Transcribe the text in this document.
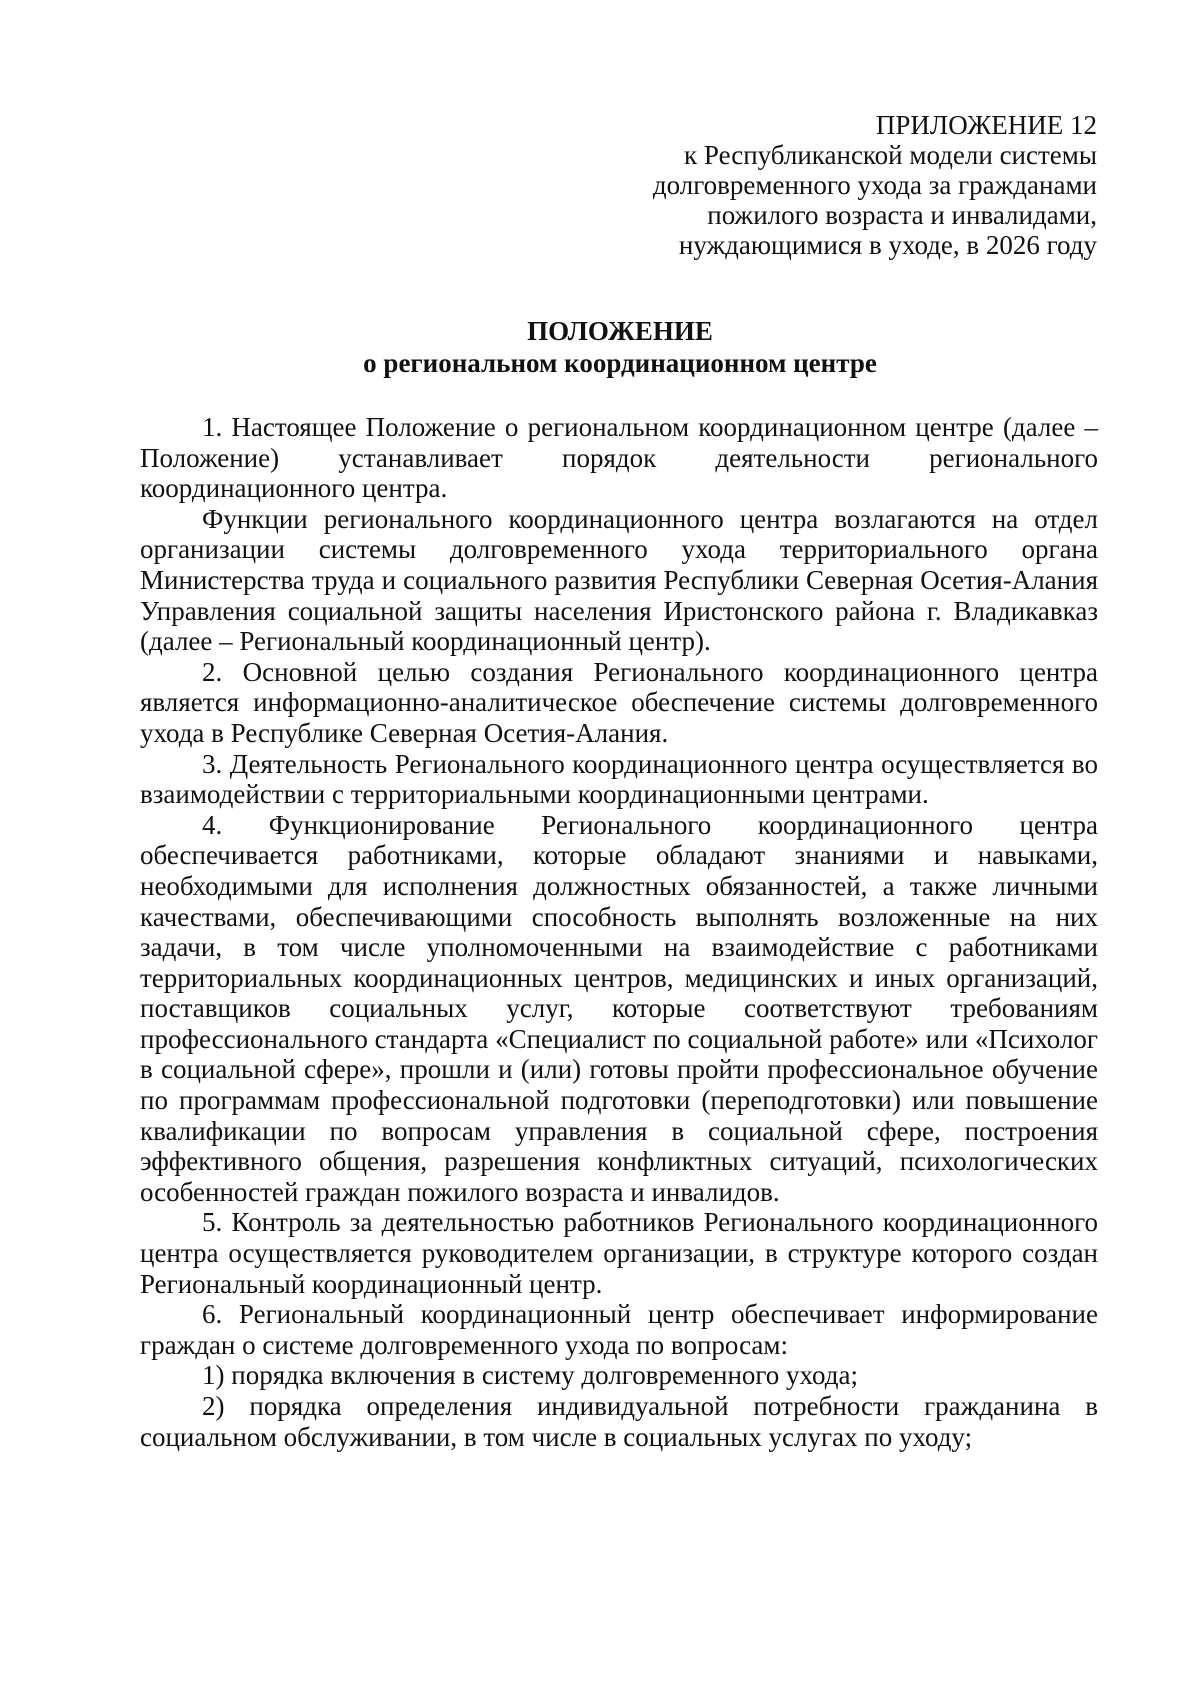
ПРИЛОЖЕНИЕ 12
к Республиканской модели системы
долговременного ухода за гражданами
пожилого возраста и инвалидами,
нуждающимися в уходе, в 2026 году
ПОЛОЖЕНИЕ
о региональном координационном центре

1. Настоящее Положение о региональном координационном центре (далее – Положение) устанавливает порядок деятельности регионального координационного центра.

Функции регионального координационного центра возлагаются на отдел организации системы долговременного ухода территориального органа Министерства труда и социального развития Республики Северная Осетия-Алания Управления социальной защиты населения Иристонского района г. Владикавказ (далее – Региональный координационный центр).

2. Основной целью создания Регионального координационного центра является информационно-аналитическое обеспечение системы долговременного ухода в Республике Северная Осетия-Алания.

3. Деятельность Регионального координационного центра осуществляется во взаимодействии с территориальными координационными центрами.

4. Функционирование Регионального координационного центра обеспечивается работниками, которые обладают знаниями и навыками, необходимыми для исполнения должностных обязанностей, а также личными качествами, обеспечивающими способность выполнять возложенные на них задачи, в том числе уполномоченными на взаимодействие с работниками территориальных координационных центров, медицинских и иных организаций, поставщиков социальных услуг, которые соответствуют требованиям профессионального стандарта «Специалист по социальной работе» или «Психолог в социальной сфере», прошли и (или) готовы пройти профессиональное обучение по программам профессиональной подготовки (переподготовки) или повышение квалификации по вопросам управления в социальной сфере, построения эффективного общения, разрешения конфликтных ситуаций, психологических особенностей граждан пожилого возраста и инвалидов.

5. Контроль за деятельностью работников Регионального координационного центра осуществляется руководителем организации, в структуре которого создан Региональный координационный центр.

6. Региональный координационный центр обеспечивает информирование граждан о системе долговременного ухода по вопросам:

1) порядка включения в систему долговременного ухода;

2) порядка определения индивидуальной потребности гражданина в социальном обслуживании, в том числе в социальных услугах по уходу;
